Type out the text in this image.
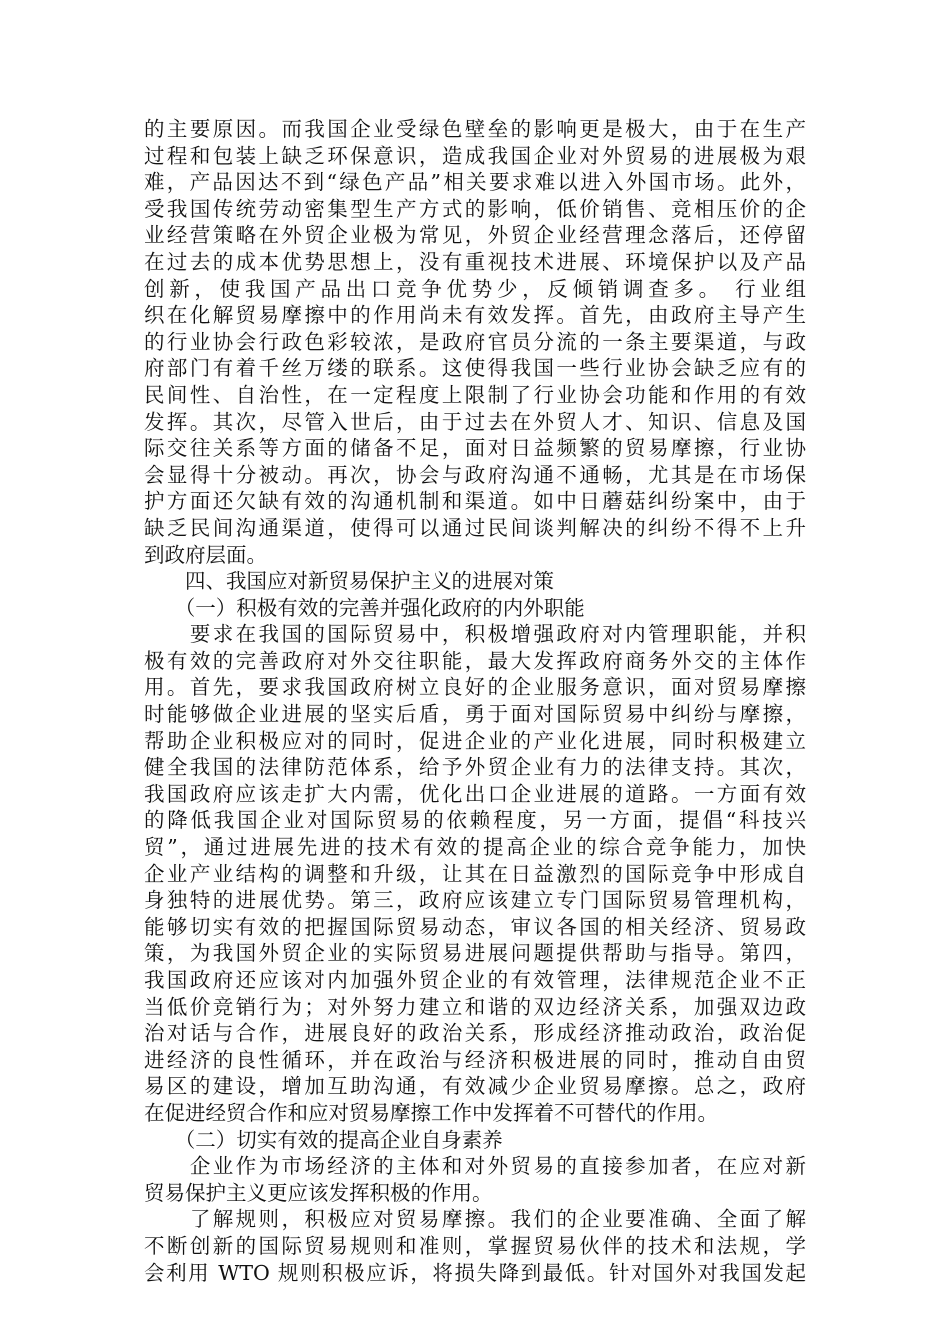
的主要原因。而我国企业受绿色壁垒的影响更是极大，由于在生产
过程和包装上缺乏环保意识，造成我国企业对外贸易的进展极为艰
难，产品因达不到“绿色产品”相关要求难以进入外国市场。此外，
受我国传统劳动密集型生产方式的影响，低价销售、竞相压价的企
业经营策略在外贸企业极为常见，外贸企业经营理念落后，还停留
在过去的成本优势思想上，没有重视技术进展、环境保护以及产品
创新，使我国产品出口竞争优势少，反倾销调查多。 行业组
织在化解贸易摩擦中的作用尚未有效发挥。首先，由政府主导产生
的行业协会行政色彩较浓，是政府官员分流的一条主要渠道，与政
府部门有着千丝万缕的联系。这使得我国一些行业协会缺乏应有的
民间性、自治性，在一定程度上限制了行业协会功能和作用的有效
发挥。其次，尽管入世后，由于过去在外贸人才、知识、信息及国
际交往关系等方面的储备不足，面对日益频繁的贸易摩擦，行业协
会显得十分被动。再次，协会与政府沟通不通畅，尤其是在市场保
护方面还欠缺有效的沟通机制和渠道。如中日蘑菇纠纷案中，由于
缺乏民间沟通渠道，使得可以通过民间谈判解决的纠纷不得不上升
到政府层面。
　　四、我国应对新贸易保护主义的进展对策
　　（一）积极有效的完善并强化政府的内外职能
　　要求在我国的国际贸易中，积极增强政府对内管理职能，并积
极有效的完善政府对外交往职能，最大发挥政府商务外交的主体作
用。首先，要求我国政府树立良好的企业服务意识，面对贸易摩擦
时能够做企业进展的坚实后盾，勇于面对国际贸易中纠纷与摩擦，
帮助企业积极应对的同时，促进企业的产业化进展，同时积极建立
健全我国的法律防范体系，给予外贸企业有力的法律支持。其次，
我国政府应该走扩大内需，优化出口企业进展的道路。一方面有效
的降低我国企业对国际贸易的依赖程度，另一方面，提倡“科技兴
贸”，通过进展先进的技术有效的提高企业的综合竞争能力，加快
企业产业结构的调整和升级，让其在日益激烈的国际竞争中形成自
身独特的进展优势。第三，政府应该建立专门国际贸易管理机构，
能够切实有效的把握国际贸易动态，审议各国的相关经济、贸易政
策，为我国外贸企业的实际贸易进展问题提供帮助与指导。第四，
我国政府还应该对内加强外贸企业的有效管理，法律规范企业不正
当低价竞销行为；对外努力建立和谐的双边经济关系，加强双边政
治对话与合作，进展良好的政治关系，形成经济推动政治，政治促
进经济的良性循环，并在政治与经济积极进展的同时，推动自由贸
易区的建设，增加互助沟通，有效减少企业贸易摩擦。总之，政府
在促进经贸合作和应对贸易摩擦工作中发挥着不可替代的作用。
　　（二）切实有效的提高企业自身素养
　　企业作为市场经济的主体和对外贸易的直接参加者，在应对新
贸易保护主义更应该发挥积极的作用。
　　了解规则，积极应对贸易摩擦。我们的企业要准确、全面了解
不断创新的国际贸易规则和准则，掌握贸易伙伴的技术和法规，学
会利用 WTO 规则积极应诉，将损失降到最低。针对国外对我国发起
